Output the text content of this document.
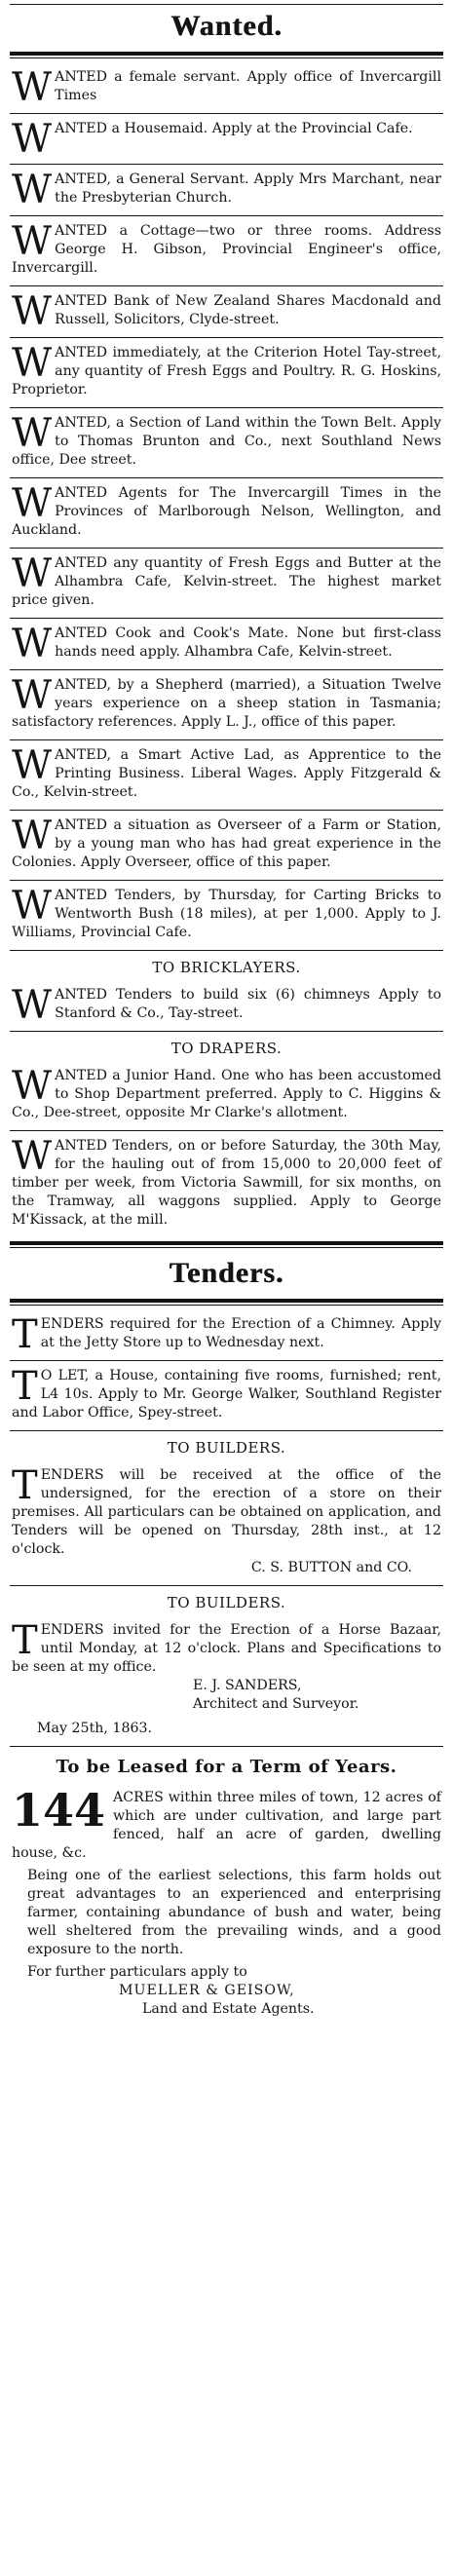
Wanted.
WANTED a female servant. Apply office of Invercargill Times
WANTED a Housemaid. Apply at the Provincial Cafe.
WANTED, a General Servant. Apply Mrs Marchant, near the Presbyterian Church.
WANTED a Cottage—two or three rooms. Address George H. Gibson, Provincial Engineer's office, Invercargill.
WANTED Bank of New Zealand Shares Macdonald and Russell, Solicitors, Clyde-street.
WANTED immediately, at the Criterion Hotel Tay-street, any quantity of Fresh Eggs and Poultry. R. G. Hoskins, Proprietor.
WANTED, a Section of Land within the Town Belt. Apply to Thomas Brunton and Co., next Southland News office, Dee street.
WANTED Agents for The Invercargill Times in the Provinces of Marlborough Nelson, Wellington, and Auckland.
WANTED any quantity of Fresh Eggs and Butter at the Alhambra Cafe, Kelvin-street. The highest market price given.
WANTED Cook and Cook's Mate. None but first-class hands need apply. Alhambra Cafe, Kelvin-street.
WANTED, by a Shepherd (married), a Situation Twelve years experience on a sheep station in Tasmania; satisfactory references. Apply L. J., office of this paper.
WANTED, a Smart Active Lad, as Apprentice to the Printing Business. Liberal Wages. Apply Fitzgerald & Co., Kelvin-street.
WANTED a situation as Overseer of a Farm or Station, by a young man who has had great experience in the Colonies. Apply Overseer, office of this paper.
WANTED Tenders, by Thursday, for Carting Bricks to Wentworth Bush (18 miles), at per 1,000. Apply to J. Williams, Provincial Cafe.
TO BRICKLAYERS.
WANTED Tenders to build six (6) chimneys Apply to Stanford & Co., Tay-street.
TO DRAPERS.
WANTED a Junior Hand. One who has been accustomed to Shop Department preferred. Apply to C. Higgins & Co., Dee-street, opposite Mr Clarke's allotment.
WANTED Tenders, on or before Saturday, the 30th May, for the hauling out of from 15,000 to 20,000 feet of timber per week, from Victoria Sawmill, for six months, on the Tramway, all waggons supplied. Apply to George M'Kissack, at the mill.
Tenders.
TENDERS required for the Erection of a Chimney. Apply at the Jetty Store up to Wednesday next.
T O LET, a House, containing five rooms, furnished; rent, L4 10s. Apply to Mr. George Walker, Southland Register and Labor Office, Spey-street.
TO BUILDERS.
TENDERS will be received at the office of the undersigned, for the erection of a store on their premises. All particulars can be obtained on application, and Tenders will be opened on Thursday, 28th inst., at 12 o'clock.
C. S. BUTTON and CO.
TO BUILDERS.
TENDERS invited for the Erection of a Horse Bazaar, until Monday, at 12 o'clock. Plans and Specifications to be seen at my office.
E. J. SANDERS,
Architect and Surveyor.
May 25th, 1863.
To be Leased for a Term of Years.
144 ACRES within three miles of town, 12 acres of which are under cultivation, and large part fenced, half an acre of garden, dwelling house, &c.
Being one of the earliest selections, this farm holds out great advantages to an experienced and enterprising farmer, containing abundance of bush and water, being well sheltered from the prevailing winds, and a good exposure to the north.
For further particulars apply to
MUELLER & GEISOW,
Land and Estate Agents.
